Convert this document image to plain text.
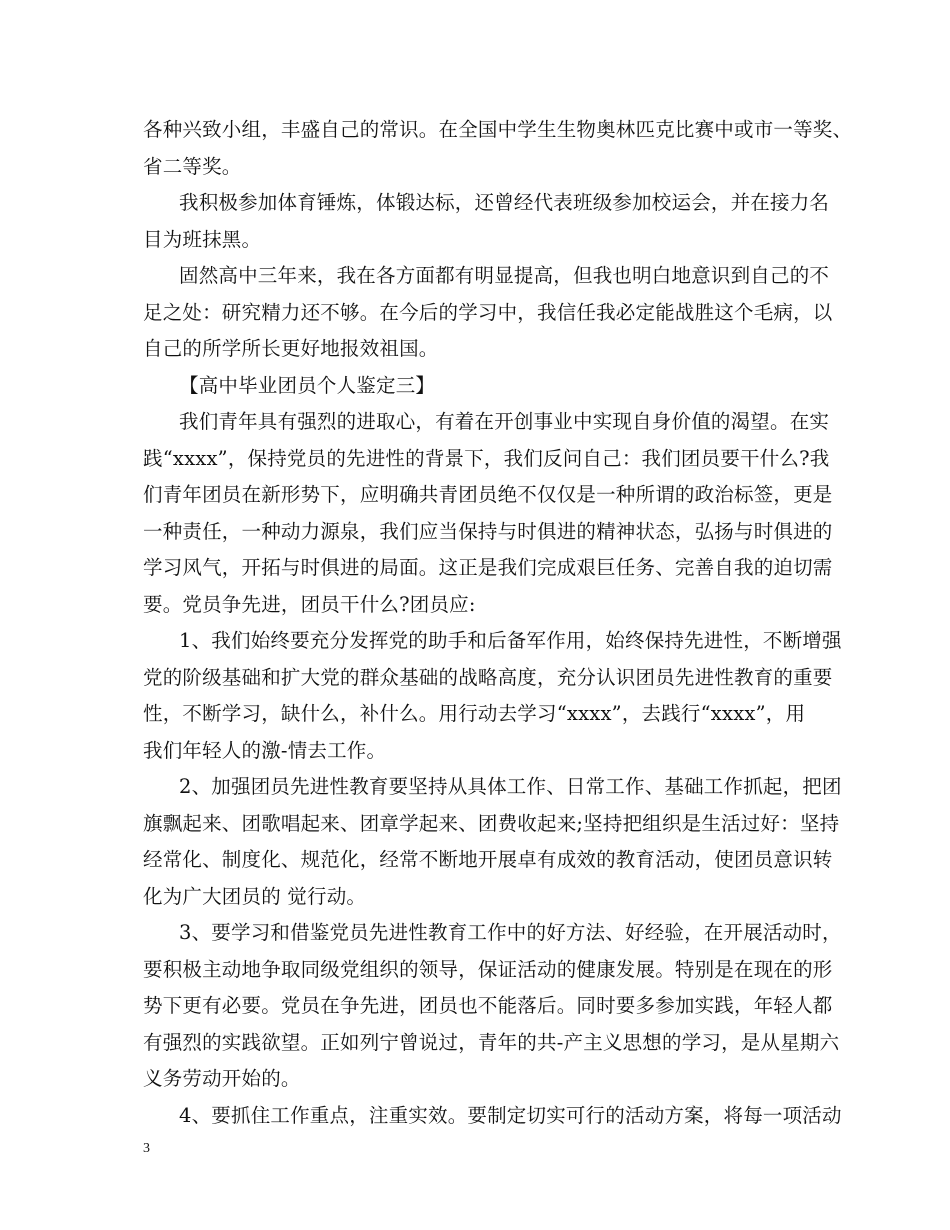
各种兴致小组，丰盛自己的常识。在全国中学生生物奥林匹克比赛中或市一等奖、
省二等奖。
我积极参加体育锤炼，体锻达标，还曾经代表班级参加校运会，并在接力名
目为班抹黑。
固然高中三年来，我在各方面都有明显提高，但我也明白地意识到自己的不
足之处：研究精力还不够。在今后的学习中，我信任我必定能战胜这个毛病，以
自己的所学所长更好地报效祖国。
【高中毕业团员个人鉴定三】
我们青年具有强烈的进取心，有着在开创事业中实现自身价值的渴望。在实
践“xxxx”，保持党员的先进性的背景下，我们反问自己：我们团员要干什么?我
们青年团员在新形势下，应明确共青团员绝不仅仅是一种所谓的政治标签，更是
一种责任，一种动力源泉，我们应当保持与时俱进的精神状态，弘扬与时俱进的
学习风气，开拓与时俱进的局面。这正是我们完成艰巨任务、完善自我的迫切需
要。党员争先进，团员干什么?团员应:
1、我们始终要充分发挥党的助手和后备军作用，始终保持先进性，不断增强
党的阶级基础和扩大党的群众基础的战略高度，充分认识团员先进性教育的重要
性，不断学习，缺什么，补什么。用行动去学习“xxxx”，去践行“xxxx”，用
我们年轻人的激-情去工作。
2、加强团员先进性教育要坚持从具体工作、日常工作、基础工作抓起，把团
旗飘起来、团歌唱起来、团章学起来、团费收起来;坚持把组织是生活过好：坚持
经常化、制度化、规范化，经常不断地开展卓有成效的教育活动，使团员意识转
化为广大团员的 觉行动。
3、要学习和借鉴党员先进性教育工作中的好方法、好经验，在开展活动时，
要积极主动地争取同级党组织的领导，保证活动的健康发展。特别是在现在的形
势下更有必要。党员在争先进，团员也不能落后。同时要多参加实践，年轻人都
有强烈的实践欲望。正如列宁曾说过，青年的共-产主义思想的学习，是从星期六
义务劳动开始的。
4、要抓住工作重点，注重实效。要制定切实可行的活动方案，将每一项活动
3
